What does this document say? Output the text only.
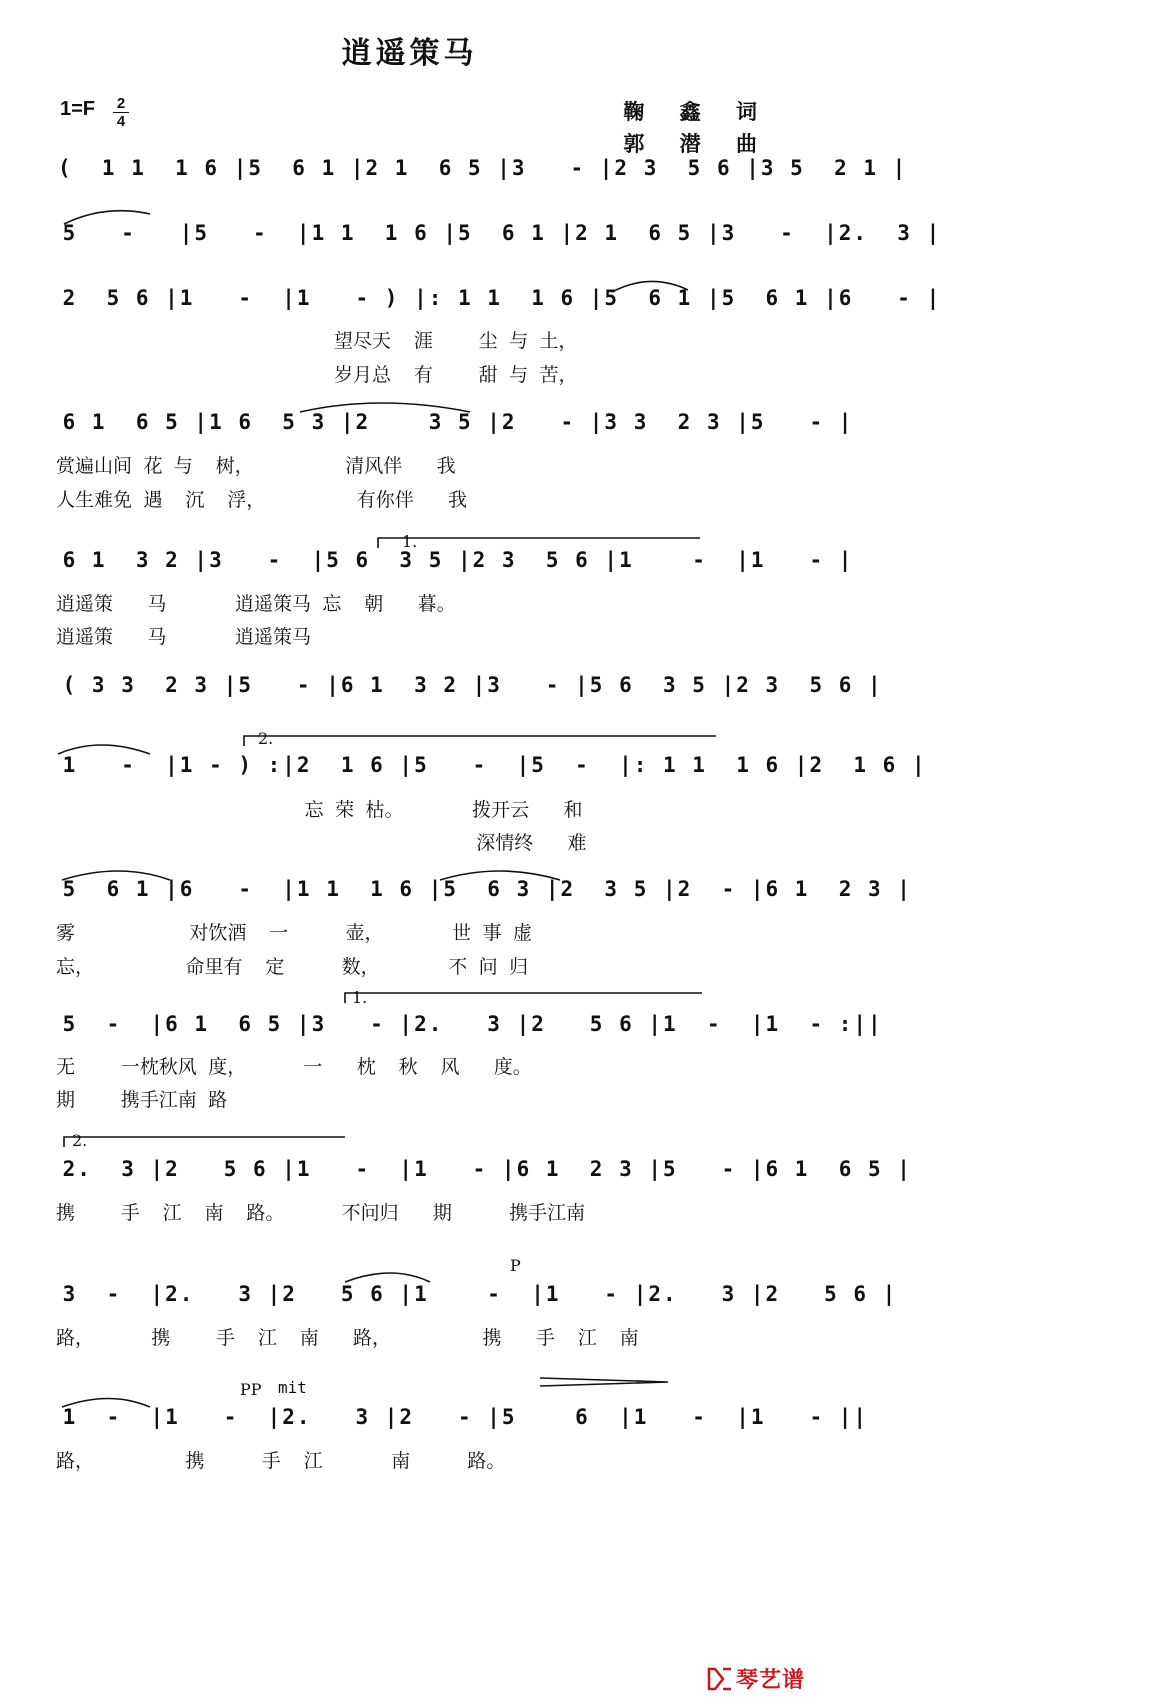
逍遥策马
1=F 2
4	鞠 鑫 词
郭 潜 曲
(  1 1  1 6 |5  6 1 |2 1  6 5 |3   - |2 3  5 6 |3 5  2 1 |
5   -   |5   -  |1 1  1 6 |5  6 1 |2 1  6 5 |3   -  |2.  3 |
2  5 6 |1   -  |1   - ) |: 1 1  1 6 |5  6 1 |5  6 1 |6   - |
望尽天  涯    尘 与 土，
岁月总  有    甜 与 苦，
6 1  6 5 |1 6  5 3 |2    3 5 |2   - |3 3  2 3 |5   - |
赏遍山间 花 与  树，        清风伴   我
人生难免 遇  沉  浮，        有你伴   我
6 1  3 2 |3   -  |5 6  3 5 |2 3  5 6 |1    -  |1   - |
逍遥策   马      逍遥策马 忘  朝   暮。
逍遥策   马      逍遥策马
( 3 3  2 3 |5   - |6 1  3 2 |3   - |5 6  3 5 |2 3  5 6 |
1   -  |1 - ) :|2  1 6 |5   -  |5  -  |: 1 1  1 6 |2  1 6 |
忘 荣 枯。      拨开云   和
深情终   难
5  6 1 |6   -  |1 1  1 6 |5  6 3 |2  3 5 |2  - |6 1  2 3 |
雾          对饮酒  一     壶，      世 事 虚
忘，        命里有  定     数，      不 问 归
5  -  |6 1  6 5 |3   - |2.   3 |2   5 6 |1  -  |1  - :||
无    一枕秋风 度，     一   枕  秋  风   度。
期    携手江南 路
2.  3 |2   5 6 |1   -  |1   - |6 1  2 3 |5   - |6 1  6 5 |
携    手  江  南  路。     不问归   期     携手江南
3  -  |2.   3 |2   5 6 |1    -  |1   - |2.   3 |2   5 6 |
路，     携    手  江  南   路，        携   手  江  南
1  -  |1   -  |2.   3 |2   - |5    6  |1   -  |1   - ||
路，        携     手  江      南     路。
1.
2.
1.
2.
P
PP mit
琴艺谱
